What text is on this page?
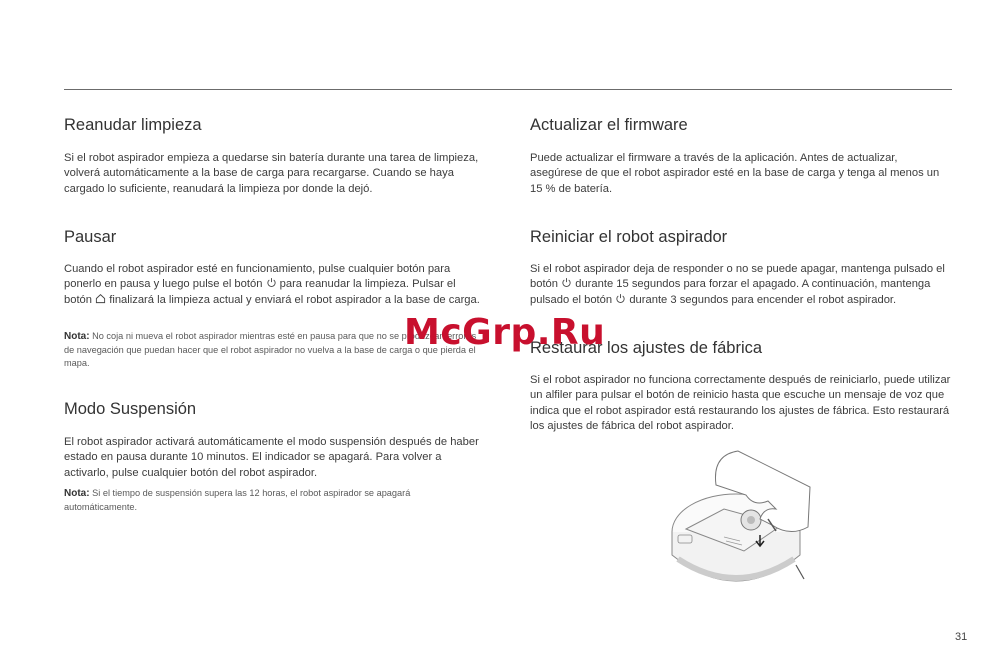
Reanudar limpieza

Si el robot aspirador empieza a quedarse sin batería durante una tarea de limpieza, volverá automáticamente a la base de carga para recargarse. Cuando se haya cargado lo suficiente, reanudará la limpieza por donde la dejó.

Pausar

Cuando el robot aspirador esté en funcionamiento, pulse cualquier botón para ponerlo en pausa y luego pulse el botón para reanudar la limpieza. Pulsar el botón finalizará la limpieza actual y enviará el robot aspirador a la base de carga.

Nota: No coja ni mueva el robot aspirador mientras esté en pausa para que no se produzcan errores de navegación que puedan hacer que el robot aspirador no vuelva a la base de carga o que pierda el mapa.

Modo Suspensión

El robot aspirador activará automáticamente el modo suspensión después de haber estado en pausa durante 10 minutos. El indicador se apagará. Para volver a activarlo, pulse cualquier botón del robot aspirador.

Nota: Si el tiempo de suspensión supera las 12 horas, el robot aspirador se apagará automáticamente.

Actualizar el firmware

Puede actualizar el firmware a través de la aplicación. Antes de actualizar, asegúrese de que el robot aspirador esté en la base de carga y tenga al menos un 15 % de batería.

Reiniciar el robot aspirador

Si el robot aspirador deja de responder o no se puede apagar, mantenga pulsado el botón durante 15 segundos para forzar el apagado. A continuación, mantenga pulsado el botón durante 3 segundos para encender el robot aspirador.

Restaurar los ajustes de fábrica

Si el robot aspirador no funciona correctamente después de reiniciarlo, puede utilizar un alfiler para pulsar el botón de reinicio hasta que escuche un mensaje de voz que indica que el robot aspirador está restaurando los ajustes de fábrica. Esto restaurará los ajustes de fábrica del robot aspirador.

McGrp.Ru
31
